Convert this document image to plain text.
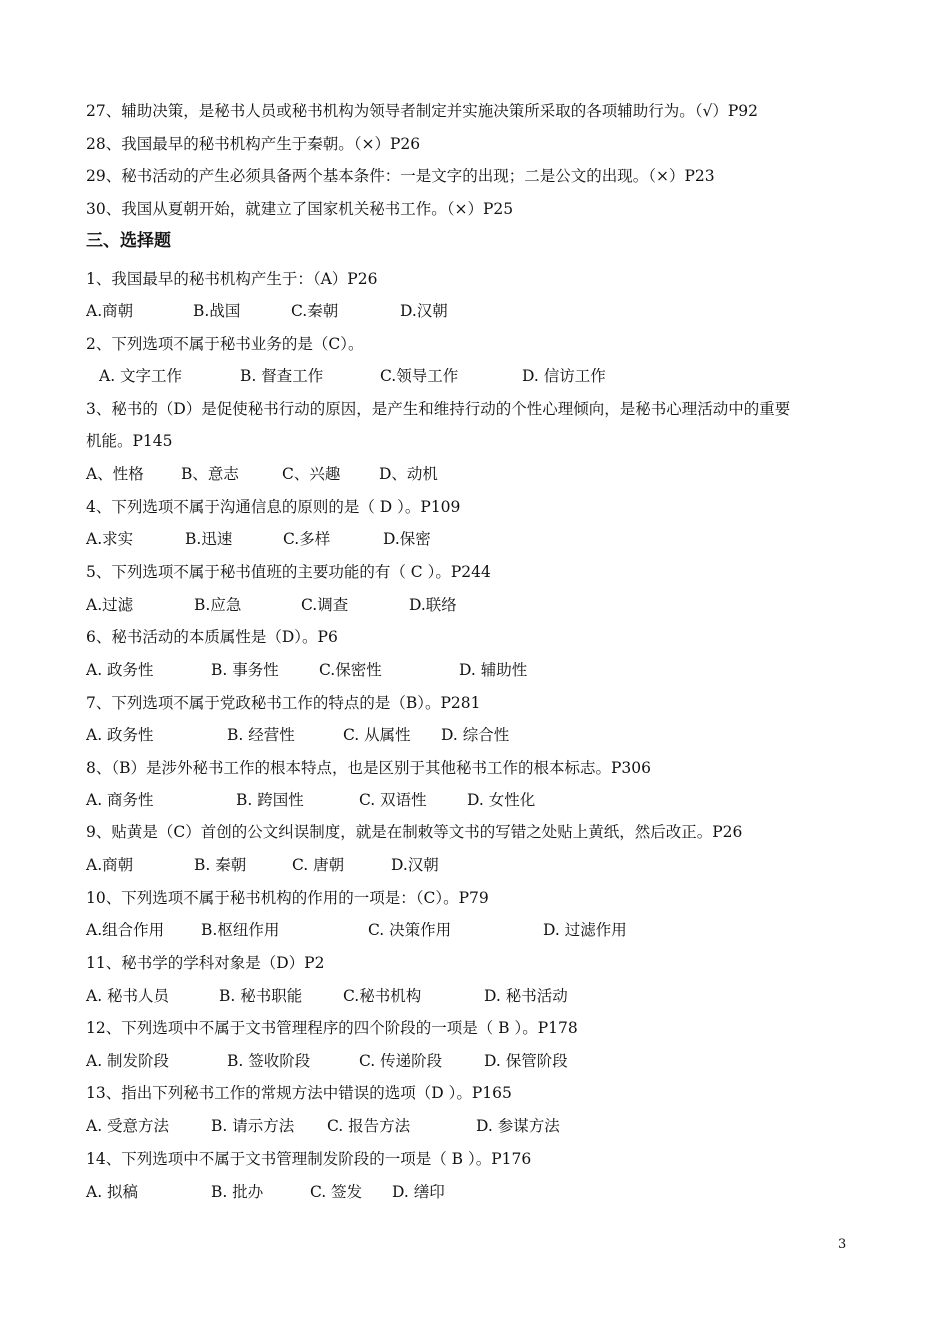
27、辅助决策，是秘书人员或秘书机构为领导者制定并实施决策所采取的各项辅助行为。（√）P92
28、我国最早的秘书机构产生于秦朝。（×）P26
29、秘书活动的产生必须具备两个基本条件：一是文字的出现；二是公文的出现。（×）P23
30、我国从夏朝开始，就建立了国家机关秘书工作。（×）P25
三、选择题
1、我国最早的秘书机构产生于：（A）P26
A.商朝	B.战国	C.秦朝	D.汉朝
2、下列选项不属于秘书业务的是（C）。
A. 文字工作	B. 督查工作	C.领导工作	D. 信访工作
3、秘书的（D）是促使秘书行动的原因，是产生和维持行动的个性心理倾向，是秘书心理活动中的重要
机能。P145
A、性格 B、意志	C、兴趣 D、动机
4、下列选项不属于沟通信息的原则的是（ D ）。P109
A.求实	B.迅速	C.多样	D.保密
5、下列选项不属于秘书值班的主要功能的有（ C ）。P244
A.过滤	B.应急	C.调查	D.联络
6、秘书活动的本质属性是（D）。P6
A. 政务性	B. 事务性	C.保密性	D. 辅助性
7、下列选项不属于党政秘书工作的特点的是（B）。P281
A. 政务性	B. 经营性	C. 从属性 D. 综合性
8、（B）是涉外秘书工作的根本特点，也是区别于其他秘书工作的根本标志。P306
A. 商务性	B. 跨国性	C. 双语性	D. 女性化
9、贴黄是（C）首创的公文纠误制度，就是在制敕等文书的写错之处贴上黄纸，然后改正。P26
A.商朝	B. 秦朝	C. 唐朝	D.汉朝
10、下列选项不属于秘书机构的作用的一项是：（C）。P79
A.组合作用 B.枢纽作用	C. 决策作用	D. 过滤作用
11、秘书学的学科对象是（D）P2
A. 秘书人员	B. 秘书职能	C.秘书机构	D. 秘书活动
12、下列选项中不属于文书管理程序的四个阶段的一项是（ B ）。P178
A. 制发阶段	B. 签收阶段	C. 传递阶段	D. 保管阶段
13、指出下列秘书工作的常规方法中错误的选项（D ）。P165
A. 受意方法	B. 请示方法 C. 报告方法	D. 参谋方法
14、下列选项中不属于文书管理制发阶段的一项是（ B ）。P176
A. 拟稿	B. 批办	C. 签发 D. 缮印
3
